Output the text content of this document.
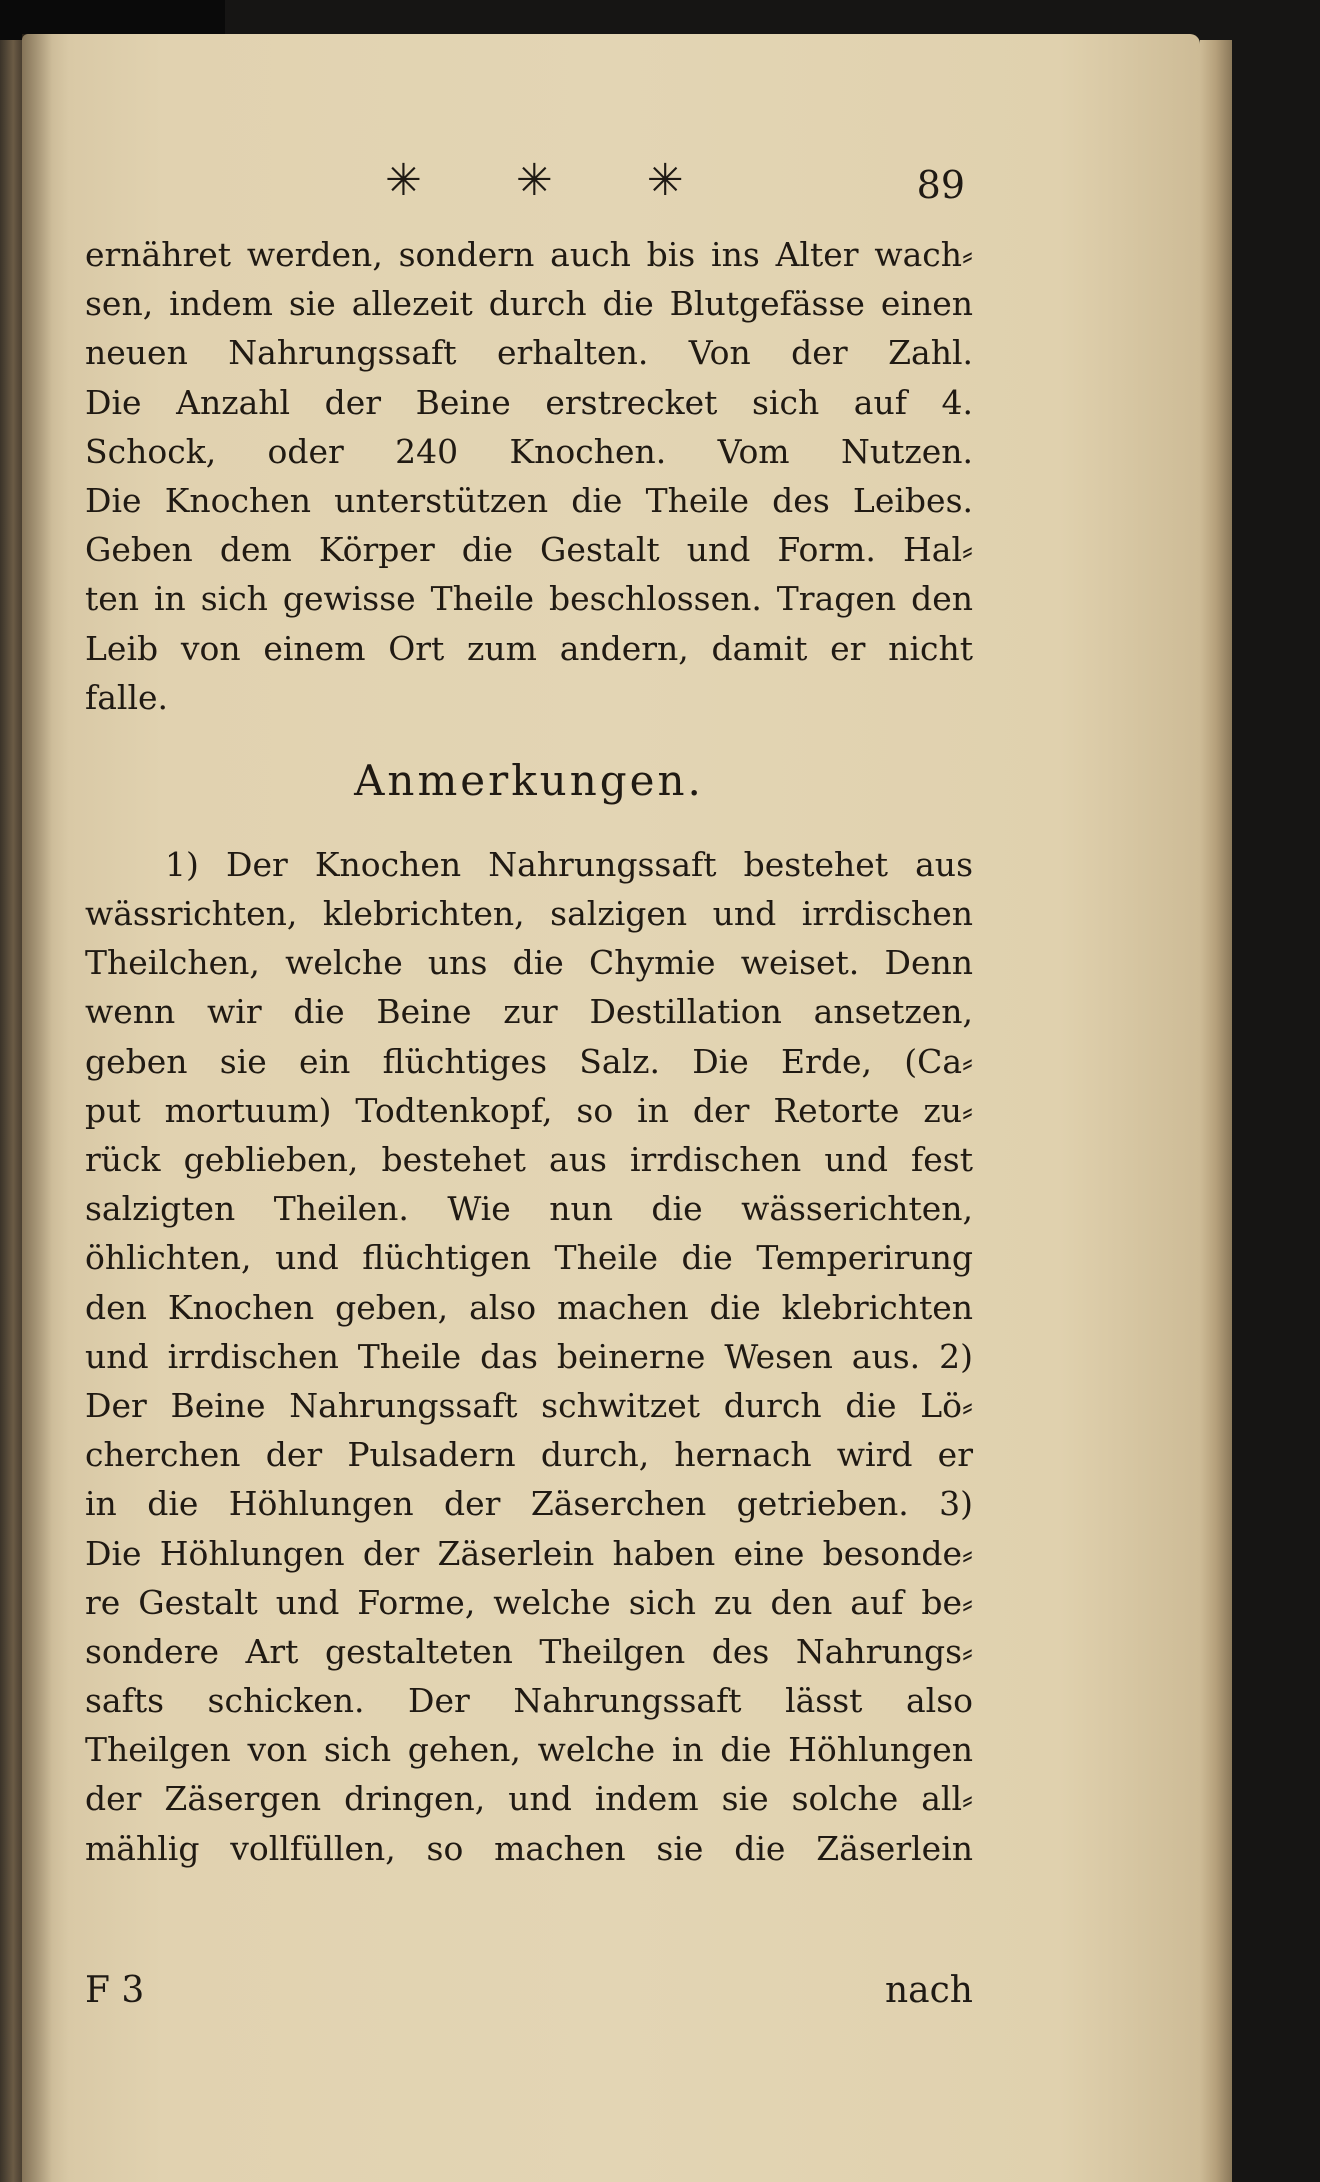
✳ ✳ ✳	89
ernähret werden, sondern auch bis ins Alter wach⸗
sen, indem sie allezeit durch die Blutgefässe einen
neuen Nahrungssaft erhalten. Von der Zahl.
Die Anzahl der Beine erstrecket sich auf 4.
Schock, oder 240 Knochen. Vom Nutzen.
Die Knochen unterstützen die Theile des Leibes.
Geben dem Körper die Gestalt und Form. Hal⸗
ten in sich gewisse Theile beschlossen. Tragen den
Leib von einem Ort zum andern, damit er nicht
falle.
Anmerkungen.
1) Der Knochen Nahrungssaft bestehet aus
wässrichten, klebrichten, salzigen und irrdischen
Theilchen, welche uns die Chymie weiset. Denn
wenn wir die Beine zur Destillation ansetzen,
geben sie ein flüchtiges Salz. Die Erde, (Ca⸗
put mortuum) Todtenkopf, so in der Retorte zu⸗
rück geblieben, bestehet aus irrdischen und fest
salzigten Theilen. Wie nun die wässerichten,
öhlichten, und flüchtigen Theile die Temperirung
den Knochen geben, also machen die klebrichten
und irrdischen Theile das beinerne Wesen aus. 2)
Der Beine Nahrungssaft schwitzet durch die Lö⸗
cherchen der Pulsadern durch, hernach wird er
in die Höhlungen der Zäserchen getrieben. 3)
Die Höhlungen der Zäserlein haben eine besonde⸗
re Gestalt und Forme, welche sich zu den auf be⸗
sondere Art gestalteten Theilgen des Nahrungs⸗
safts schicken. Der Nahrungssaft lässt also
Theilgen von sich gehen, welche in die Höhlungen
der Zäsergen dringen, und indem sie solche all⸗
mählig vollfüllen, so machen sie die Zäserlein
F 3	nach
